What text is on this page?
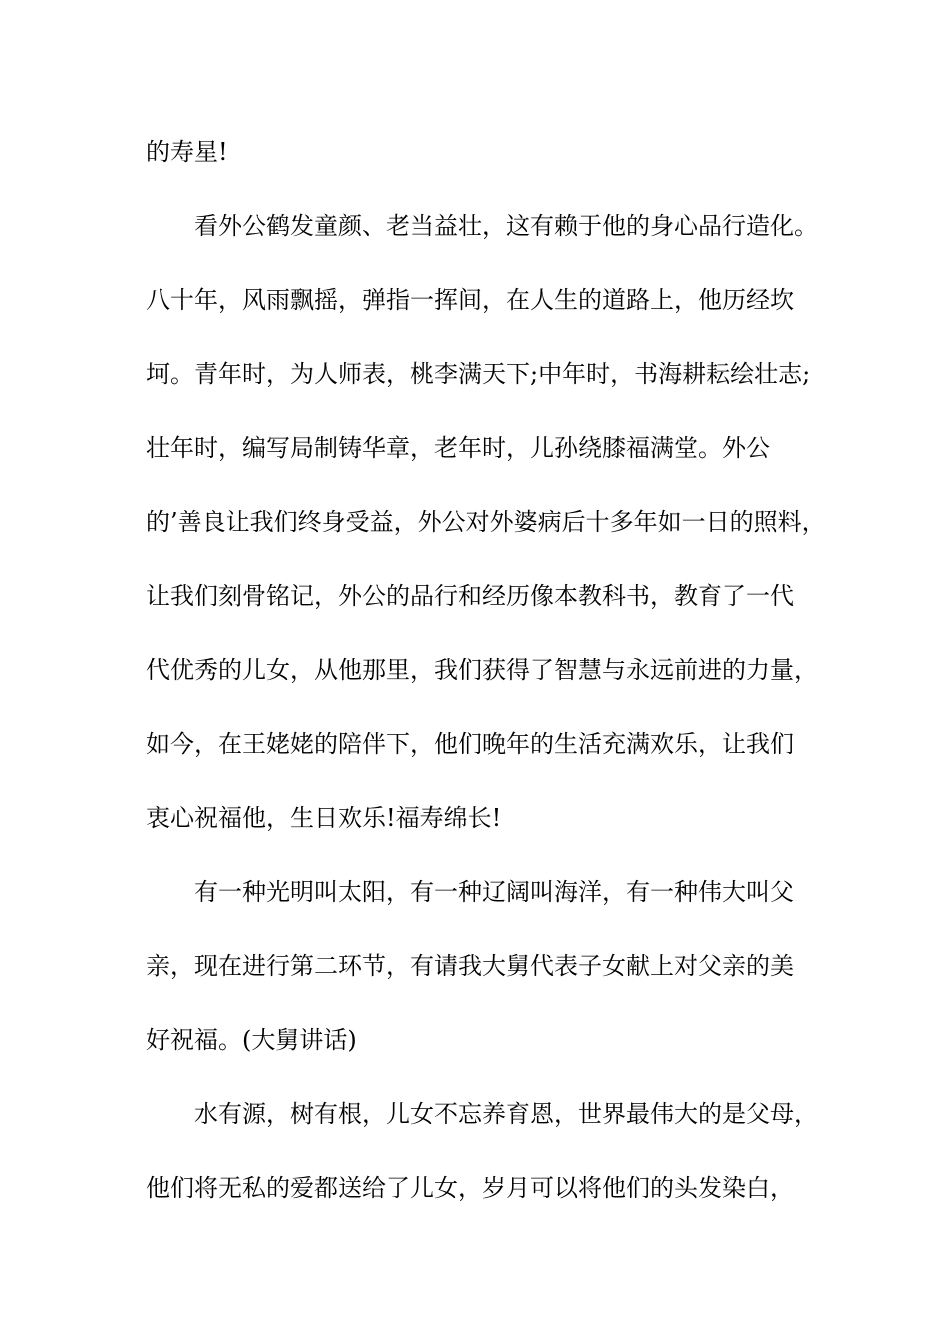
的寿星!
看外公鹤发童颜、老当益壮，这有赖于他的身心品行造化。
八十年，风雨飘摇，弹指一挥间，在人生的道路上，他历经坎
坷。青年时，为人师表，桃李满天下;中年时，书海耕耘绘壮志;
壮年时，编写局制铸华章，老年时，儿孙绕膝福满堂。外公
的’善良让我们终身受益，外公对外婆病后十多年如一日的照料，
让我们刻骨铭记，外公的品行和经历像本教科书，教育了一代
代优秀的儿女，从他那里，我们获得了智慧与永远前进的力量，
如今，在王姥姥的陪伴下，他们晚年的生活充满欢乐，让我们
衷心祝福他，生日欢乐!福寿绵长!
有一种光明叫太阳，有一种辽阔叫海洋，有一种伟大叫父
亲，现在进行第二环节，有请我大舅代表子女献上对父亲的美
好祝福。(大舅讲话)
水有源，树有根，儿女不忘养育恩，世界最伟大的是父母，
他们将无私的爱都送给了儿女，岁月可以将他们的头发染白，
